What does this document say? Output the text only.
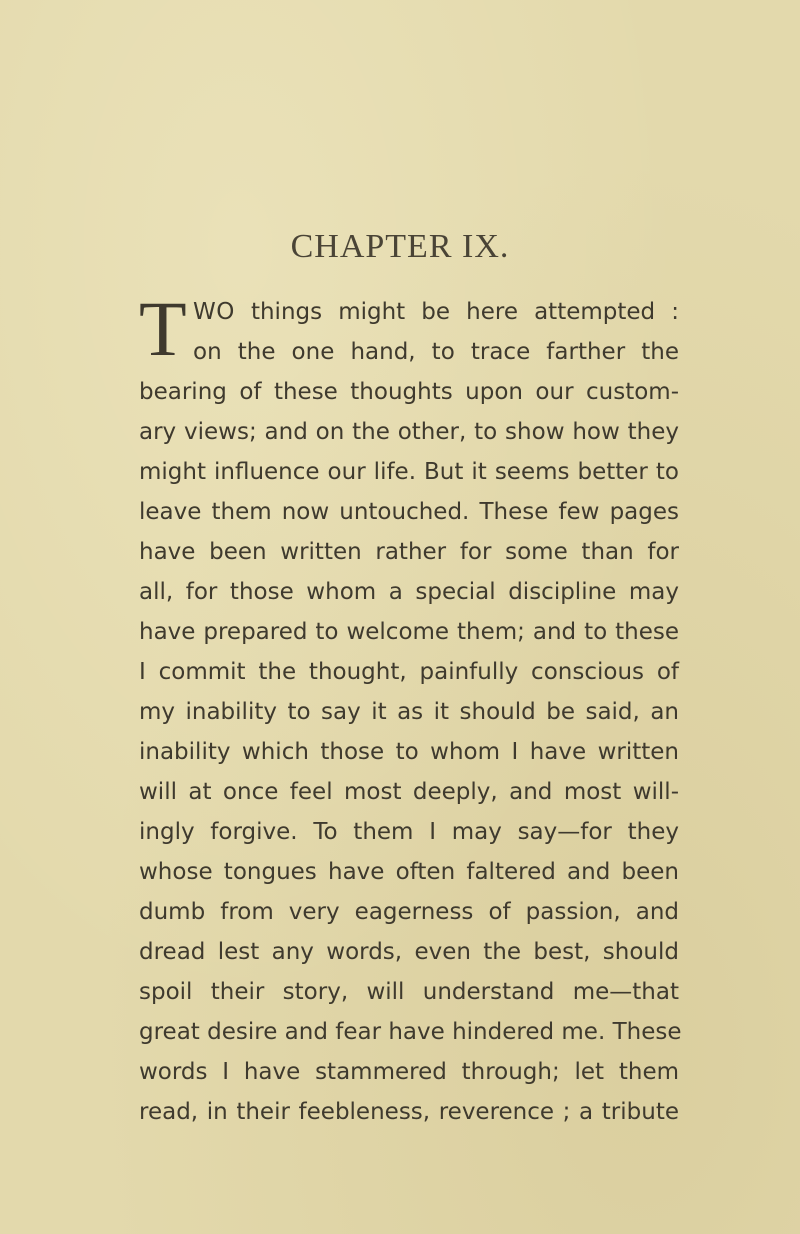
CHAPTER IX.
T WO things might be here attempted :
on the one hand, to trace farther the
bearing of these thoughts upon our custom-
ary views; and on the other, to show how they
might influence our life. But it seems better to
leave them now untouched. These few pages
have been written rather for some than for
all, for those whom a special discipline may
have prepared to welcome them; and to these
I commit the thought, painfully conscious of
my inability to say it as it should be said, an
inability which those to whom I have written
will at once feel most deeply, and most will-
ingly forgive. To them I may say—for they
whose tongues have often faltered and been
dumb from very eagerness of passion, and
dread lest any words, even the best, should
spoil their story, will understand me—that
great desire and fear have hindered me. These
words I have stammered through; let them
read, in their feebleness, reverence ; a tribute
